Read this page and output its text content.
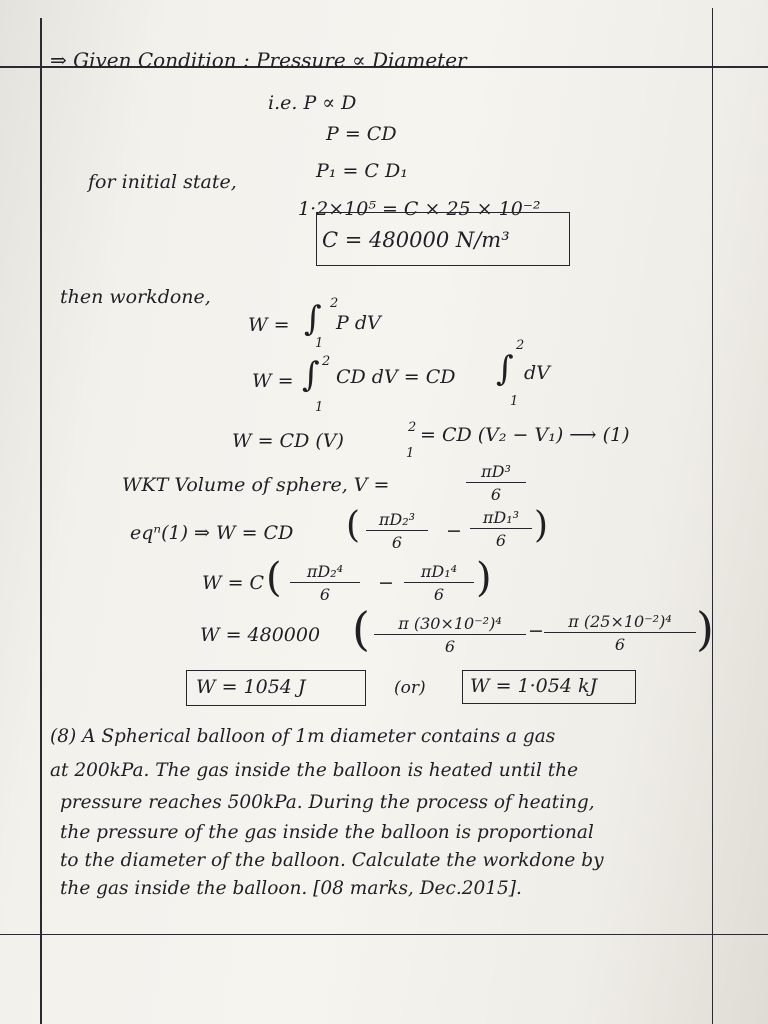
⇒ Given Condition : Pressure ∝ Diameter
i.e. P ∝ D
P = CD
for initial state,	P₁ = C D₁
1·2×10⁵ = C × 25 × 10⁻²
C = 480000 N/m³
then workdone,
W = ∫ 2
1
P dV
W = ∫ 2
1
CD dV = CD ∫
2
1
dV
W = CD (V)
2
1
= CD (V₂ − V₁) ⟶ (1)
WKT Volume of sphere, V =	$\frac{\text{πD³}}{6}$
eqⁿ(1) ⇒ W = CD ( $\frac{\text{πD₂³}}{6} - \frac{\text{πD₁³}}{6}$ )
W = C ( $\frac{\text{πD₂⁴}}{6} - \frac{\text{πD₁⁴}}{6}$ )
W = 480000 ( $\frac{\text{π (30×10⁻²)⁴}}{6} - \frac{\text{π (25×10⁻²)⁴}}{6}$ )
W = 1054 J	(or) W = 1·054 kJ
(8) A Spherical balloon of 1m diameter contains a gas
at 200kPa. The gas inside the balloon is heated until the
pressure reaches 500kPa. During the process of heating,
the pressure of the gas inside the balloon is proportional
to the diameter of the balloon. Calculate the workdone by
the gas inside the balloon. [08 marks, Dec.2015].
